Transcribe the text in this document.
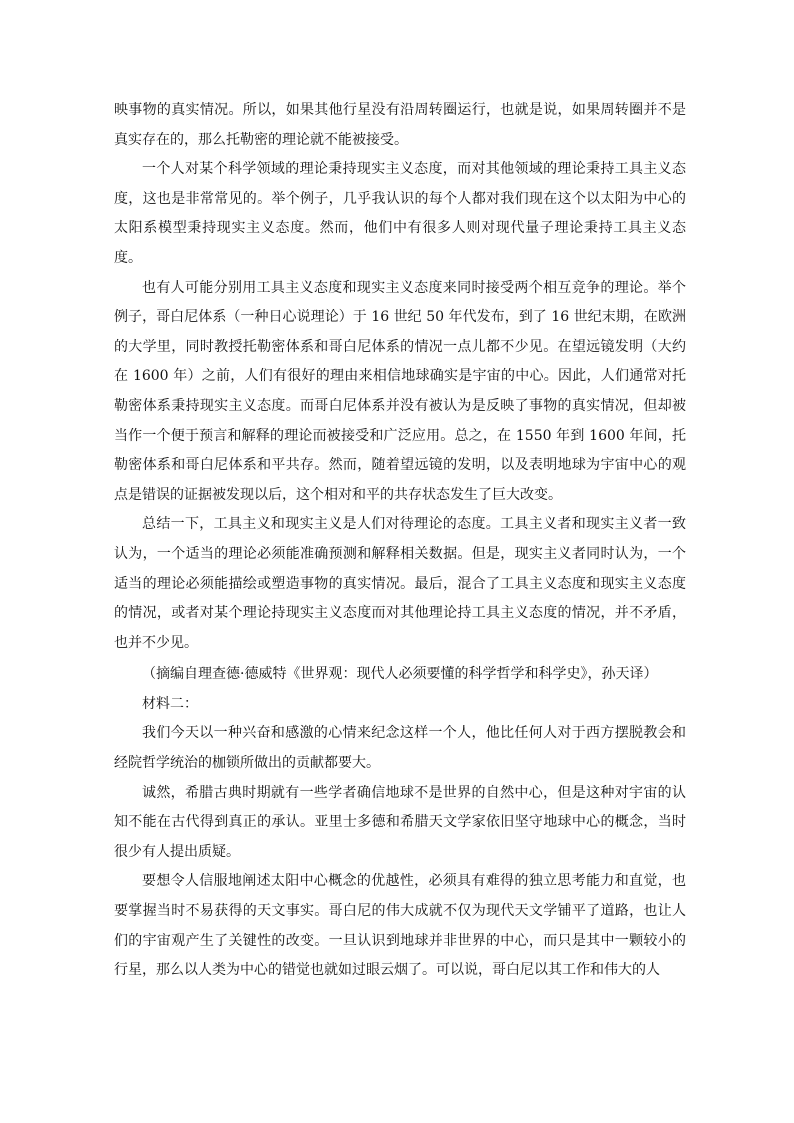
映事物的真实情况。所以，如果其他行星没有沿周转圈运行，也就是说，如果周转圈并不是真实存在的，那么托勒密的理论就不能被接受。

一个人对某个科学领域的理论秉持现实主义态度，而对其他领域的理论秉持工具主义态度，这也是非常常见的。举个例子，几乎我认识的每个人都对我们现在这个以太阳为中心的太阳系模型秉持现实主义态度。然而，他们中有很多人则对现代量子理论秉持工具主义态度。

也有人可能分别用工具主义态度和现实主义态度来同时接受两个相互竞争的理论。举个例子，哥白尼体系（一种日心说理论）于 16 世纪 50 年代发布，到了 16 世纪末期，在欧洲的大学里，同时教授托勒密体系和哥白尼体系的情况一点儿都不少见。在望远镜发明（大约在 1600 年）之前，人们有很好的理由来相信地球确实是宇宙的中心。因此，人们通常对托勒密体系秉持现实主义态度。而哥白尼体系并没有被认为是反映了事物的真实情况，但却被当作一个便于预言和解释的理论而被接受和广泛应用。总之，在 1550 年到 1600 年间，托勒密体系和哥白尼体系和平共存。然而，随着望远镜的发明，以及表明地球为宇宙中心的观点是错误的证据被发现以后，这个相对和平的共存状态发生了巨大改变。

总结一下，工具主义和现实主义是人们对待理论的态度。工具主义者和现实主义者一致认为，一个适当的理论必须能准确预测和解释相关数据。但是，现实主义者同时认为，一个适当的理论必须能描绘或塑造事物的真实情况。最后，混合了工具主义态度和现实主义态度的情况，或者对某个理论持现实主义态度而对其他理论持工具主义态度的情况，并不矛盾，也并不少见。

（摘编自理查德·德威特《世界观：现代人必须要懂的科学哲学和科学史》，孙天译）

材料二：

我们今天以一种兴奋和感激的心情来纪念这样一个人，他比任何人对于西方摆脱教会和经院哲学统治的枷锁所做出的贡献都要大。

诚然，希腊古典时期就有一些学者确信地球不是世界的自然中心，但是这种对宇宙的认知不能在古代得到真正的承认。亚里士多德和希腊天文学家依旧坚守地球中心的概念，当时很少有人提出质疑。

要想令人信服地阐述太阳中心概念的优越性，必须具有难得的独立思考能力和直觉，也要掌握当时不易获得的天文事实。哥白尼的伟大成就不仅为现代天文学铺平了道路，也让人们的宇宙观产生了关键性的改变。一旦认识到地球并非世界的中心，而只是其中一颗较小的行星，那么以人类为中心的错觉也就如过眼云烟了。可以说，哥白尼以其工作和伟大的人
